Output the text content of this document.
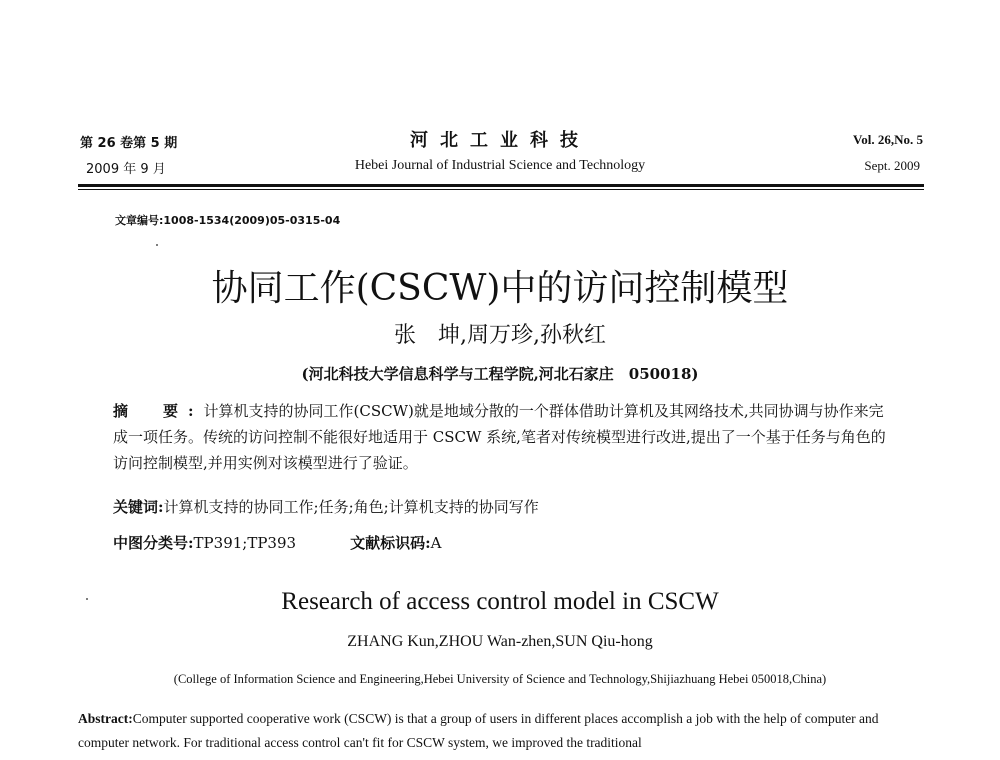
第 26 卷第 5 期
2009 年 9 月
河北工业科技
Hebei Journal of Industrial Science and Technology
Vol. 26,No. 5
Sept. 2009
文章编号:1008-1534(2009)05-0315-04
协同工作(CSCW)中的访问控制模型
张　坤,周万珍,孙秋红
(河北科技大学信息科学与工程学院,河北石家庄　050018)
摘　要:计算机支持的协同工作(CSCW)就是地域分散的一个群体借助计算机及其网络技术,共同协调与协作来完成一项任务。传统的访问控制不能很好地适用于 CSCW 系统,笔者对传统模型进行改进,提出了一个基于任务与角色的访问控制模型,并用实例对该模型进行了验证。
关键词:计算机支持的协同工作;任务;角色;计算机支持的协同写作
中图分类号:TP391;TP393	文献标识码:A
Research of access control model in CSCW
ZHANG Kun,ZHOU Wan-zhen,SUN Qiu-hong
(College of Information Science and Engineering,Hebei University of Science and Technology,Shijiazhuang Hebei 050018,China)
Abstract:Computer supported cooperative work (CSCW) is that a group of users in different places accomplish a job with the help of computer and computer network. For traditional access control can't fit for CSCW system, we improved the traditional
